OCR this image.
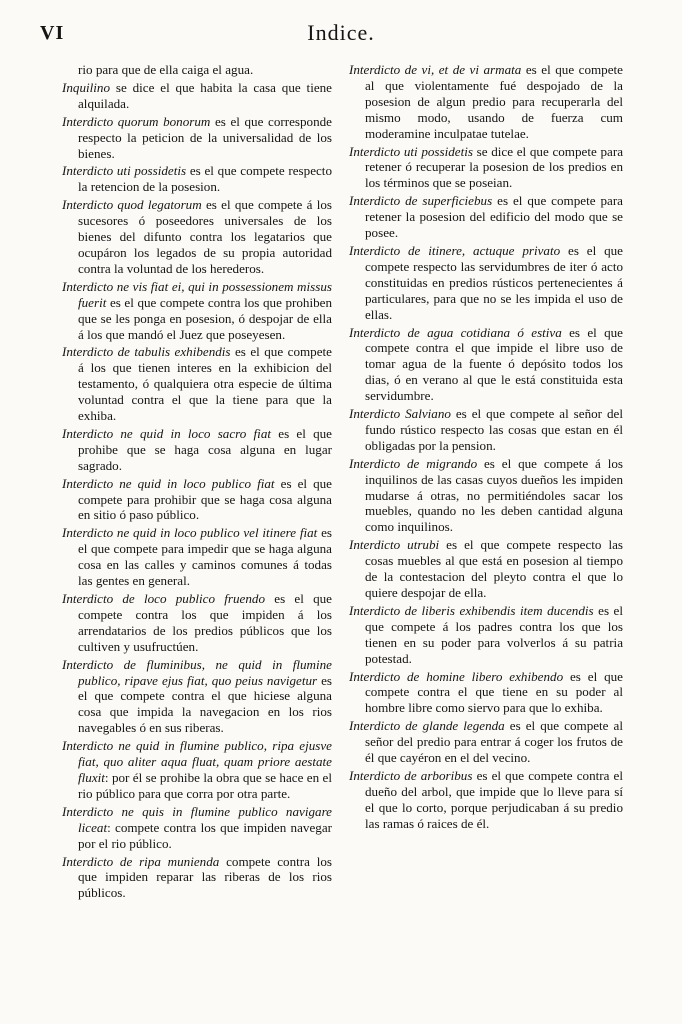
VI	Indice.

rio para que de ella caiga el agua.

Inquilino se dice el que habita la casa que tiene alquilada.

Interdicto quorum bonorum es el que corresponde respecto la peticion de la universalidad de los bienes.

Interdicto uti possidetis es el que compete respecto la retencion de la posesion.

Interdicto quod legatorum es el que compete á los sucesores ó poseedores universales de los bienes del difunto contra los legatarios que ocupáron los legados de su propia autoridad contra la voluntad de los herederos.

Interdicto ne vis fiat ei, qui in possessionem missus fuerit es el que compete contra los que prohiben que se les ponga en posesion, ó despojar de ella á los que mandó el Juez que poseyesen.

Interdicto de tabulis exhibendis es el que compete á los que tienen interes en la exhibicion del testamento, ó qualquiera otra especie de última voluntad contra el que la tiene para que la exhiba.

Interdicto ne quid in loco sacro fiat es el que prohibe que se haga cosa alguna en lugar sagrado.

Interdicto ne quid in loco publico fiat es el que compete para prohibir que se haga cosa alguna en sitio ó paso público.

Interdicto ne quid in loco publico vel itinere fiat es el que compete para impedir que se haga alguna cosa en las calles y caminos comunes á todas las gentes en general.

Interdicto de loco publico fruendo es el que compete contra los que impiden á los arrendatarios de los predios públicos que los cultiven y usufructúen.

Interdicto de fluminibus, ne quid in flumine publico, ripave ejus fiat, quo peius navigetur es el que compete contra el que hiciese alguna cosa que impida la navegacion en los rios navegables ó en sus riberas.

Interdicto ne quid in flumine publico, ripa ejusve fiat, quo aliter aqua fluat, quam priore aestate fluxit: por él se prohibe la obra que se hace en el rio público para que corra por otra parte.

Interdicto ne quis in flumine publico navigare liceat: compete contra los que impiden navegar por el rio público.

Interdicto de ripa munienda compete contra los que impiden reparar las riberas de los rios públicos.

Interdicto de vi, et de vi armata es el que compete al que violentamente fué despojado de la posesion de algun predio para recuperarla del mismo modo, usando de fuerza cum moderamine inculpatae tutelae.

Interdicto uti possidetis se dice el que compete para retener ó recuperar la posesion de los predios en los términos que se poseian.

Interdicto de superficiebus es el que compete para retener la posesion del edificio del modo que se posee.

Interdicto de itinere, actuque privato es el que compete respecto las servidumbres de iter ó acto constituidas en predios rústicos pertenecientes á particulares, para que no se les impida el uso de ellas.

Interdicto de agua cotidiana ó estiva es el que compete contra el que impide el libre uso de tomar agua de la fuente ó depósito todos los dias, ó en verano al que le está constituida esta servidumbre.

Interdicto Salviano es el que compete al señor del fundo rústico respecto las cosas que estan en él obligadas por la pension.

Interdicto de migrando es el que compete á los inquilinos de las casas cuyos dueños les impiden mudarse á otras, no permitiéndoles sacar los muebles, quando no les deben cantidad alguna como inquilinos.

Interdicto utrubi es el que compete respecto las cosas muebles al que está en posesion al tiempo de la contestacion del pleyto contra el que lo quiere despojar de ella.

Interdicto de liberis exhibendis item ducendis es el que compete á los padres contra los que los tienen en su poder para volverlos á su patria potestad.

Interdicto de homine libero exhibendo es el que compete contra el que tiene en su poder al hombre libre como siervo para que lo exhiba.

Interdicto de glande legenda es el que compete al señor del predio para entrar á coger los frutos de él que cayéron en el del vecino.

Interdicto de arboribus es el que compete contra el dueño del arbol, que impide que lo lleve para sí el que lo corto, porque perjudicaban á su predio las ramas ó raices de él.
